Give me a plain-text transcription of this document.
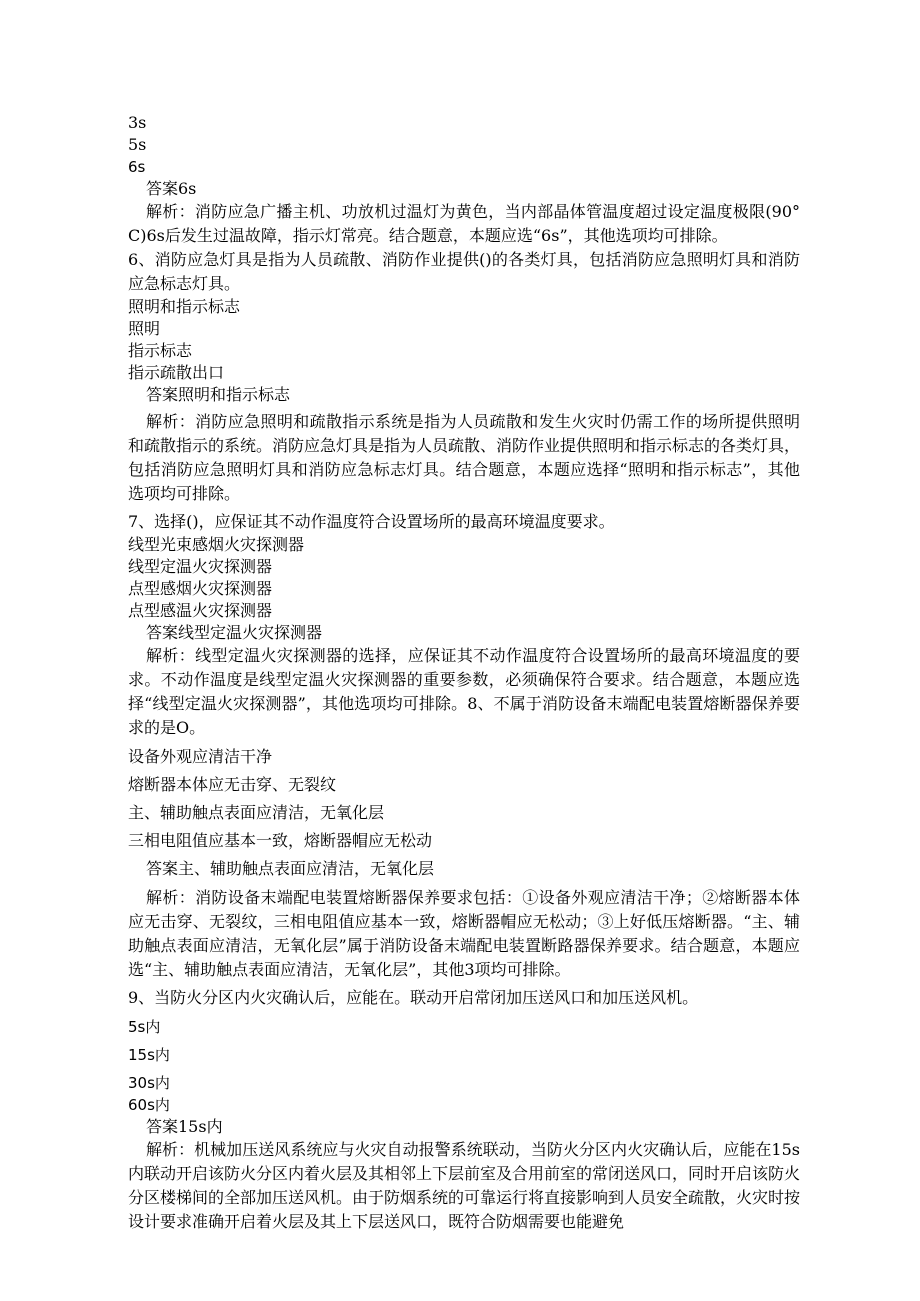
3s
5s
6s
答案6s
解析：消防应急广播主机、功放机过温灯为黄色，当内部晶体管温度超过设定温度极限(90°C)6s后发生过温故障，指示灯常亮。结合题意，本题应选“6s”，其他选项均可排除。
6、消防应急灯具是指为人员疏散、消防作业提供()的各类灯具，包括消防应急照明灯具和消防应急标志灯具。
照明和指示标志
照明
指示标志
指示疏散出口
答案照明和指示标志
解析：消防应急照明和疏散指示系统是指为人员疏散和发生火灾时仍需工作的场所提供照明和疏散指示的系统。消防应急灯具是指为人员疏散、消防作业提供照明和指示标志的各类灯具，包括消防应急照明灯具和消防应急标志灯具。结合题意，本题应选择“照明和指示标志”，其他选项均可排除。
7、选择()，应保证其不动作温度符合设置场所的最高环境温度要求。
线型光束感烟火灾探测器
线型定温火灾探测器
点型感烟火灾探测器
点型感温火灾探测器
答案线型定温火灾探测器
解析：线型定温火灾探测器的选择，应保证其不动作温度符合设置场所的最高环境温度的要求。不动作温度是线型定温火灾探测器的重要参数，必须确保符合要求。结合题意，本题应选择“线型定温火灾探测器”，其他选项均可排除。8、不属于消防设备末端配电装置熔断器保养要求的是O。
设备外观应清洁干净
熔断器本体应无击穿、无裂纹
主、辅助触点表面应清洁，无氧化层
三相电阻值应基本一致，熔断器帽应无松动
答案主、辅助触点表面应清洁，无氧化层
解析：消防设备末端配电装置熔断器保养要求包括：①设备外观应清洁干净；②熔断器本体应无击穿、无裂纹，三相电阻值应基本一致，熔断器帽应无松动；③上好低压熔断器。“主、辅助触点表面应清洁，无氧化层”属于消防设备末端配电装置断路器保养要求。结合题意，本题应选“主、辅助触点表面应清洁，无氧化层”，其他3项均可排除。
9、当防火分区内火灾确认后，应能在。联动开启常闭加压送风口和加压送风机。
5s内
15s内
30s内
60s内
答案15s内
解析：机械加压送风系统应与火灾自动报警系统联动，当防火分区内火灾确认后，应能在15s内联动开启该防火分区内着火层及其相邻上下层前室及合用前室的常闭送风口，同时开启该防火分区楼梯间的全部加压送风机。由于防烟系统的可靠运行将直接影响到人员安全疏散，火灾时按设计要求准确开启着火层及其上下层送风口，既符合防烟需要也能避免
